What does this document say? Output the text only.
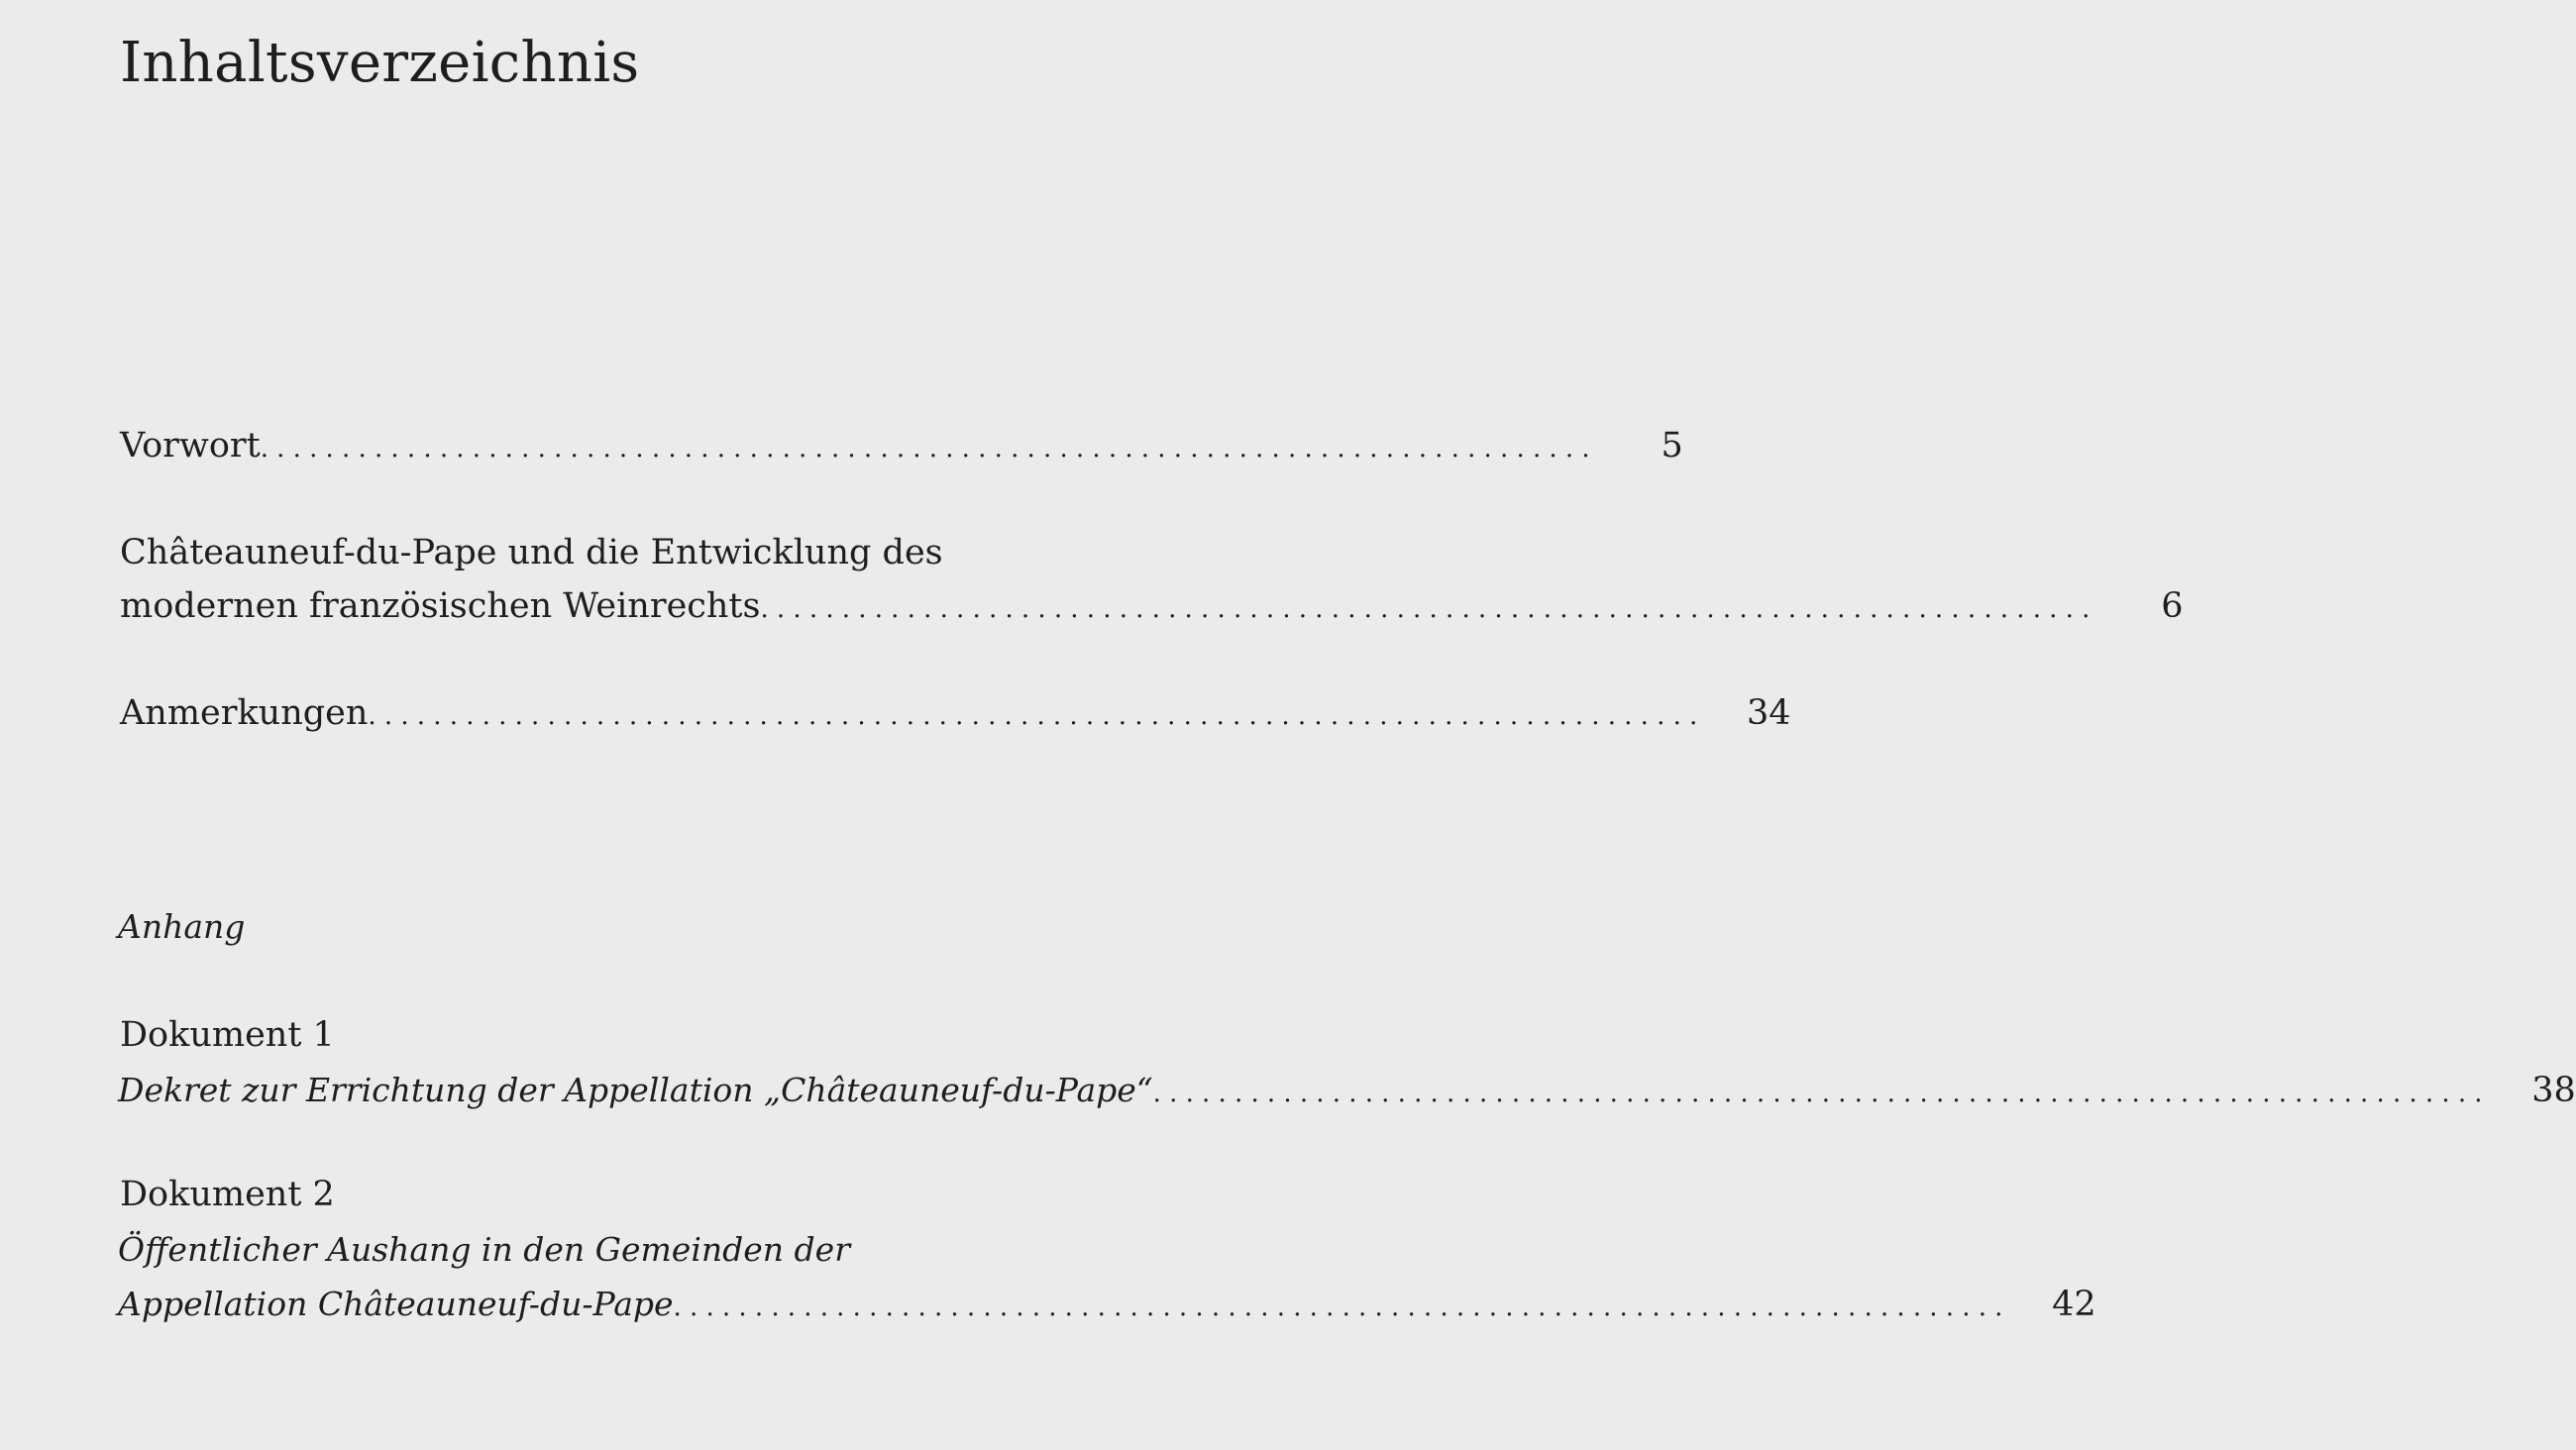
Inhaltsverzeichnis
Vorwort ..................................................................................	5
Châteauneuf-du-Pape und die Entwicklung des
modernen französischen Weinrechts ..................................................................................	6
Anmerkungen ..................................................................................	34
Anhang
Dokument 1
Dekret zur Errichtung der Appellation „Châteauneuf-du-Pape“ ..................................................................................	38
Dokument 2
Öffentlicher Aushang in den Gemeinden der
Appellation Châteauneuf-du-Pape ..................................................................................	42
